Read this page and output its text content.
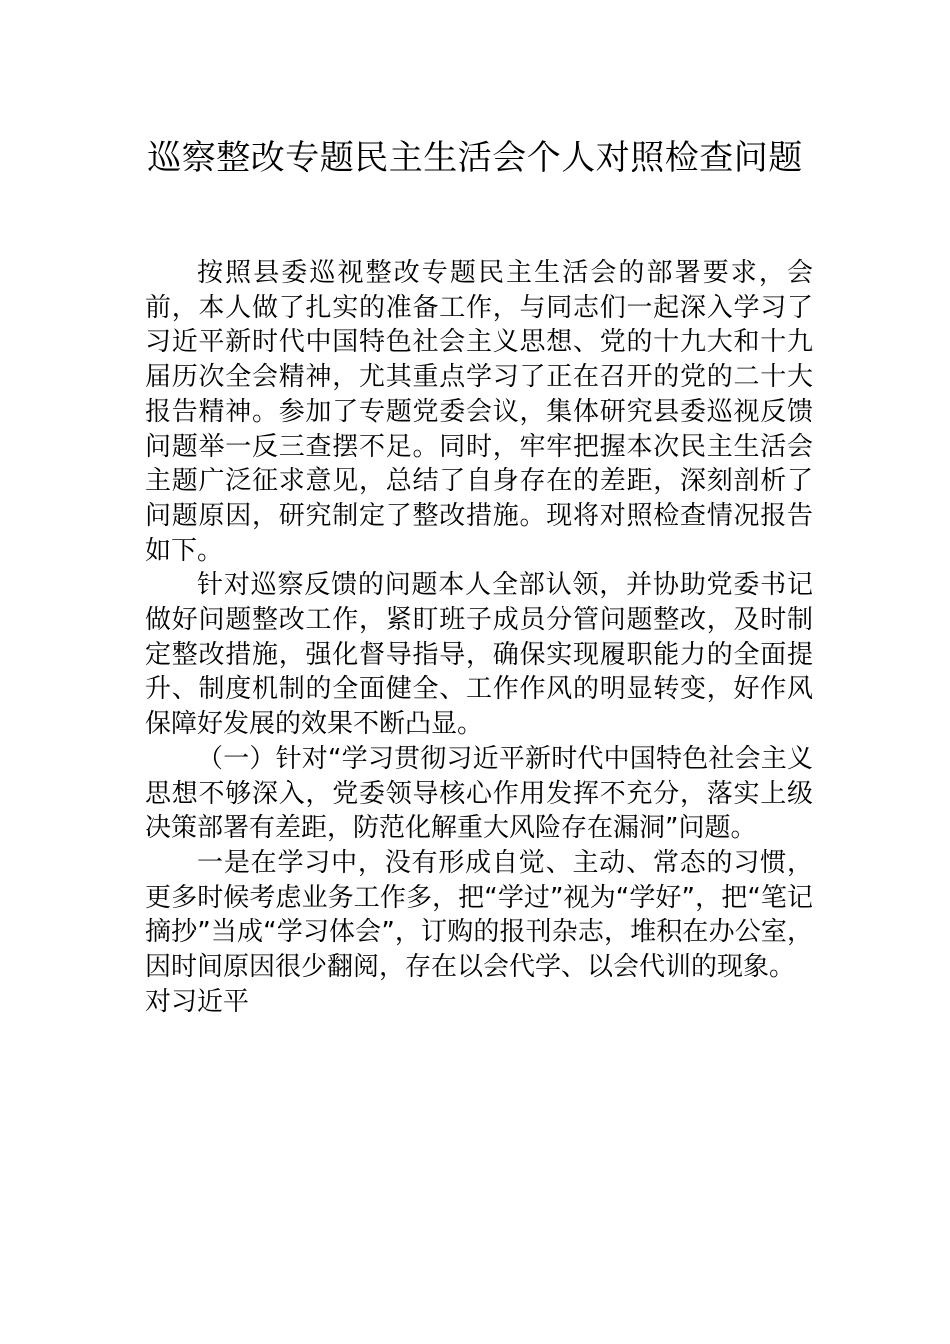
巡察整改专题民主生活会个人对照检查问题

按照县委巡视整改专题民主生活会的部署要求，会前，本人做了扎实的准备工作，与同志们一起深入学习了习近平新时代中国特色社会主义思想、党的十九大和十九届历次全会精神，尤其重点学习了正在召开的党的二十大报告精神。参加了专题党委会议，集体研究县委巡视反馈问题举一反三查摆不足。同时，牢牢把握本次民主生活会主题广泛征求意见，总结了自身存在的差距，深刻剖析了问题原因，研究制定了整改措施。现将对照检查情况报告如下。

针对巡察反馈的问题本人全部认领，并协助党委书记做好问题整改工作，紧盯班子成员分管问题整改，及时制定整改措施，强化督导指导，确保实现履职能力的全面提升、制度机制的全面健全、工作作风的明显转变，好作风保障好发展的效果不断凸显。

（一）针对“学习贯彻习近平新时代中国特色社会主义思想不够深入，党委领导核心作用发挥不充分，落实上级决策部署有差距，防范化解重大风险存在漏洞”问题。

一是在学习中，没有形成自觉、主动、常态的习惯，更多时候考虑业务工作多，把“学过”视为“学好”，把“笔记摘抄”当成“学习体会”，订购的报刊杂志，堆积在办公室，因时间原因很少翻阅，存在以会代学、以会代训的现象。

对习近平
